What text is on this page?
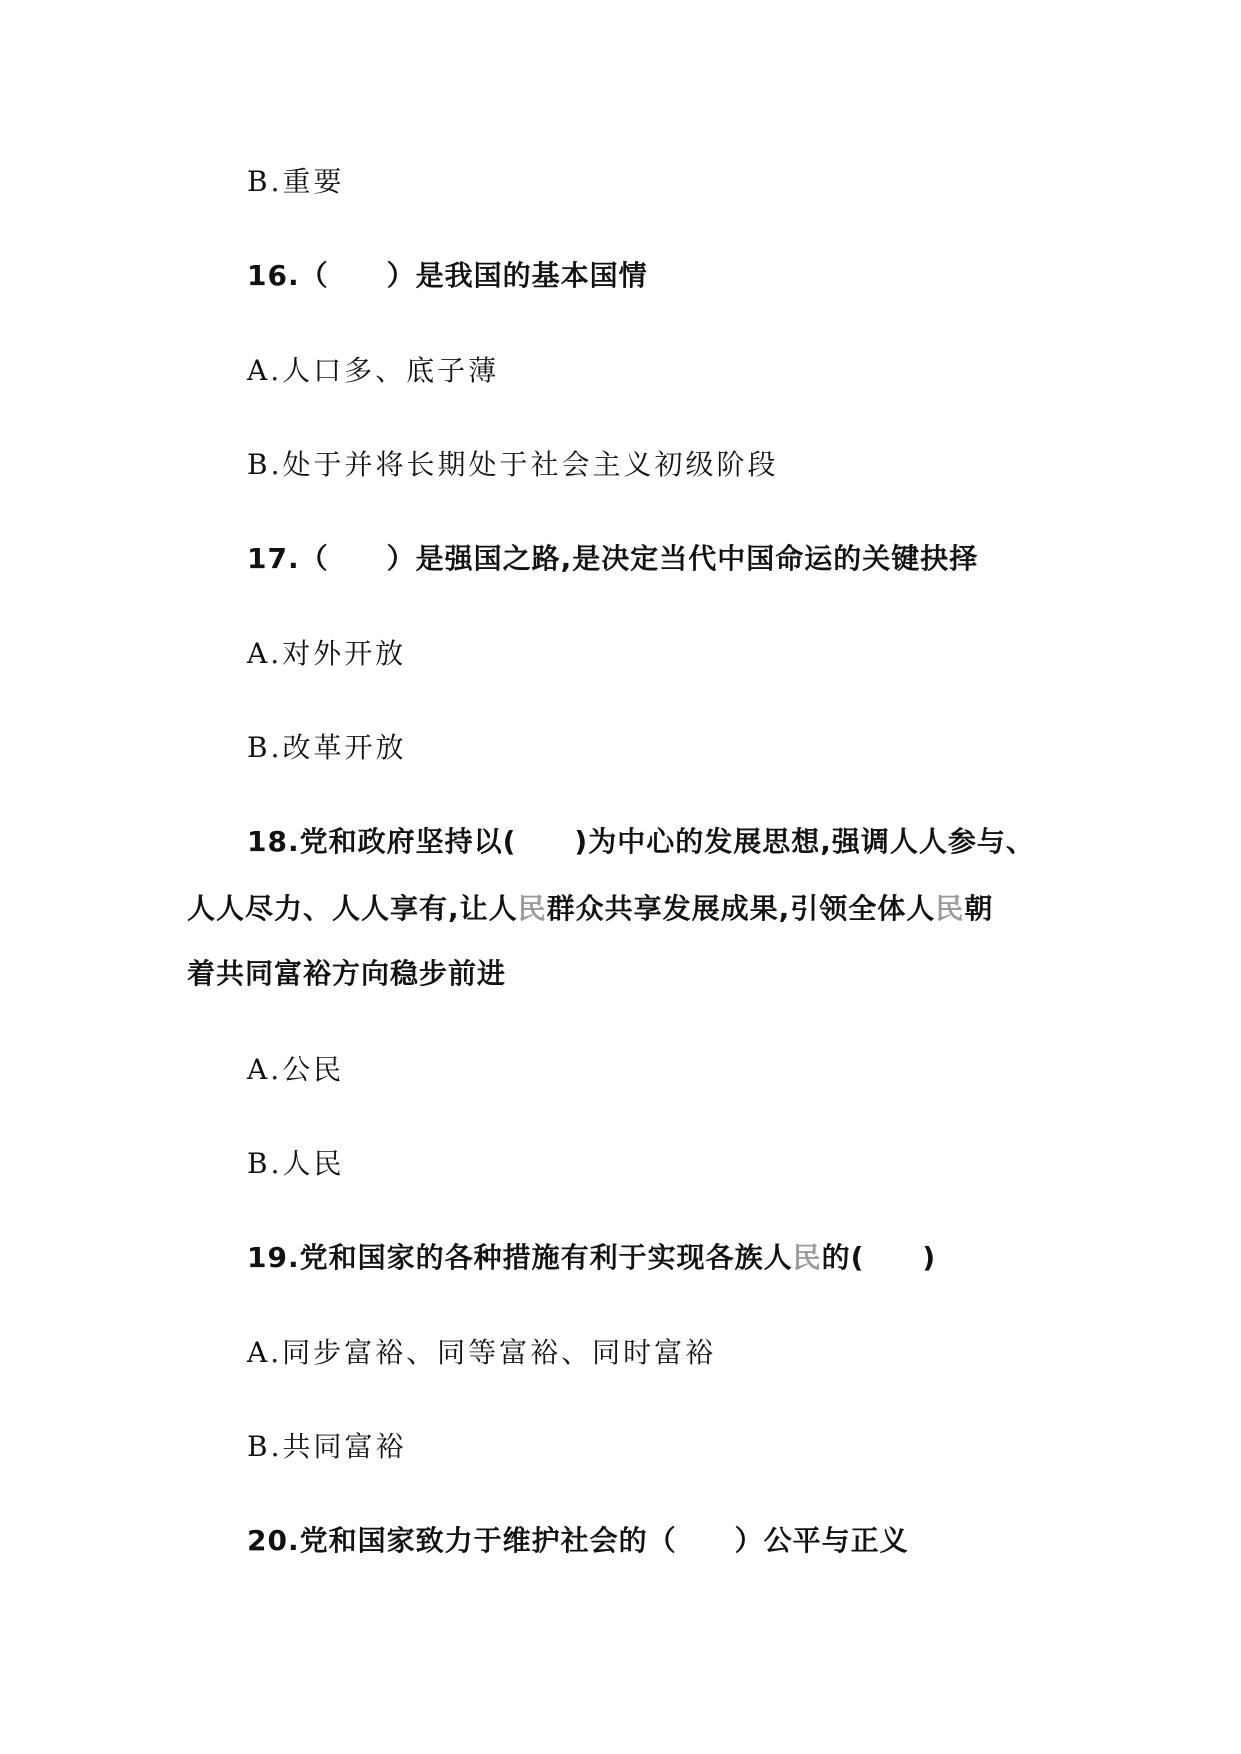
B.重要
16.（　　）是我国的基本国情
A.人口多、底子薄
B.处于并将长期处于社会主义初级阶段
17.（　　）是强国之路,是决定当代中国命运的关键抉择
A.对外开放
B.改革开放
18.党和政府坚持以(　　)为中心的发展思想,强调人人参与、
人人尽力、人人享有,让人民群众共享发展成果,引领全体人民朝
着共同富裕方向稳步前进
A.公民
B.人民
19.党和国家的各种措施有利于实现各族人民的(　　)
A.同步富裕、同等富裕、同时富裕
B.共同富裕
20.党和国家致力于维护社会的（　　）公平与正义
